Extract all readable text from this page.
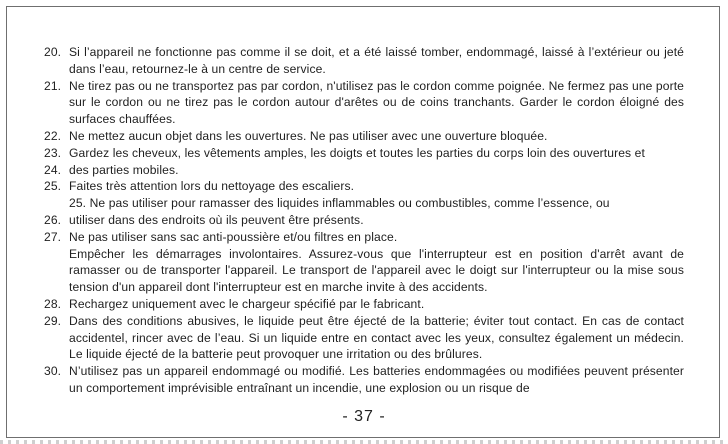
20. Si l’appareil ne fonctionne pas comme il se doit, et a été laissé tomber, endommagé, laissé à l’extérieur ou jeté dans l’eau, retournez-le à un centre de service.
21. Ne tirez pas ou ne transportez pas par cordon, n'utilisez pas le cordon comme poignée. Ne fermez pas une porte sur le cordon ou ne tirez pas le cordon autour d'arêtes ou de coins tranchants. Garder le cordon éloigné des surfaces chauffées.
22. Ne mettez aucun objet dans les ouvertures. Ne pas utiliser avec une ouverture bloquée.
23. Gardez les cheveux, les vêtements amples, les doigts et toutes les parties du corps loin des ouvertures et
24. des parties mobiles.
25. Faites très attention lors du nettoyage des escaliers.
25. Ne pas utiliser pour ramasser des liquides inflammables ou combustibles, comme l’essence, ou
26. utiliser dans des endroits où ils peuvent être présents.
27. Ne pas utiliser sans sac anti-poussière et/ou filtres en place.
Empêcher les démarrages involontaires. Assurez-vous que l'interrupteur est en position d'arrêt avant de ramasser ou de transporter l'appareil. Le transport de l'appareil avec le doigt sur l'interrupteur ou la mise sous tension d'un appareil dont l'interrupteur est en marche invite à des accidents.
28. Rechargez uniquement avec le chargeur spécifié par le fabricant.
29. Dans des conditions abusives, le liquide peut être éjecté de la batterie; éviter tout contact. En cas de contact accidentel, rincer avec de l’eau. Si un liquide entre en contact avec les yeux, consultez également un médecin. Le liquide éjecté de la batterie peut provoquer une irritation ou des brûlures.
30. N’utilisez pas un appareil endommagé ou modifié. Les batteries endommagées ou modifiées peuvent présenter un comportement imprévisible entraînant un incendie, une explosion ou un risque de
- 37 -
